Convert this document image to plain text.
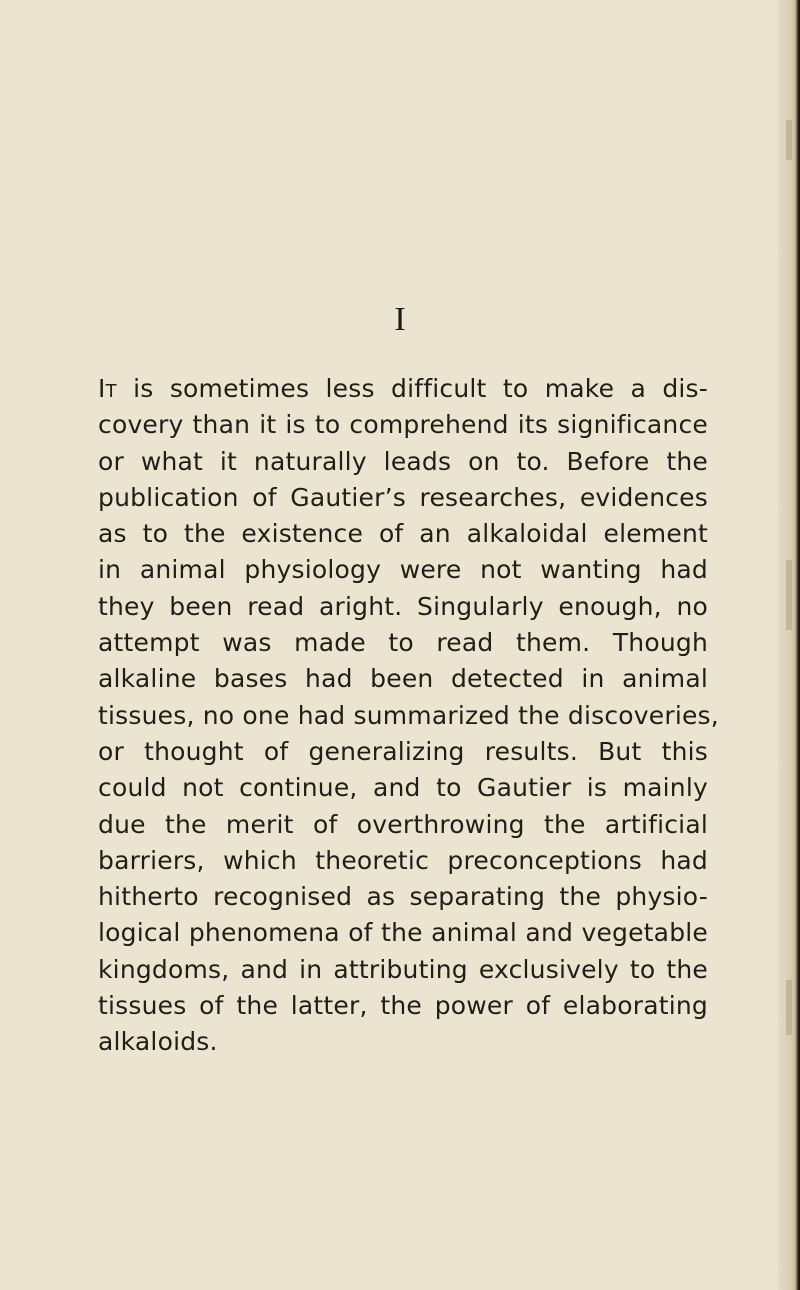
I
It is sometimes less difficult to make a dis-
covery than it is to comprehend its significance
or what it naturally leads on to. Before the
publication of Gautier’s researches, evidences
as to the existence of an alkaloidal element
in animal physiology were not wanting had
they been read aright. Singularly enough, no
attempt was made to read them. Though
alkaline bases had been detected in animal
tissues, no one had summarized the discoveries,
or thought of generalizing results. But this
could not continue, and to Gautier is mainly
due the merit of overthrowing the artificial
barriers, which theoretic preconceptions had
hitherto recognised as separating the physio-
logical phenomena of the animal and vegetable
kingdoms, and in attributing exclusively to the
tissues of the latter, the power of elaborating
alkaloids.
